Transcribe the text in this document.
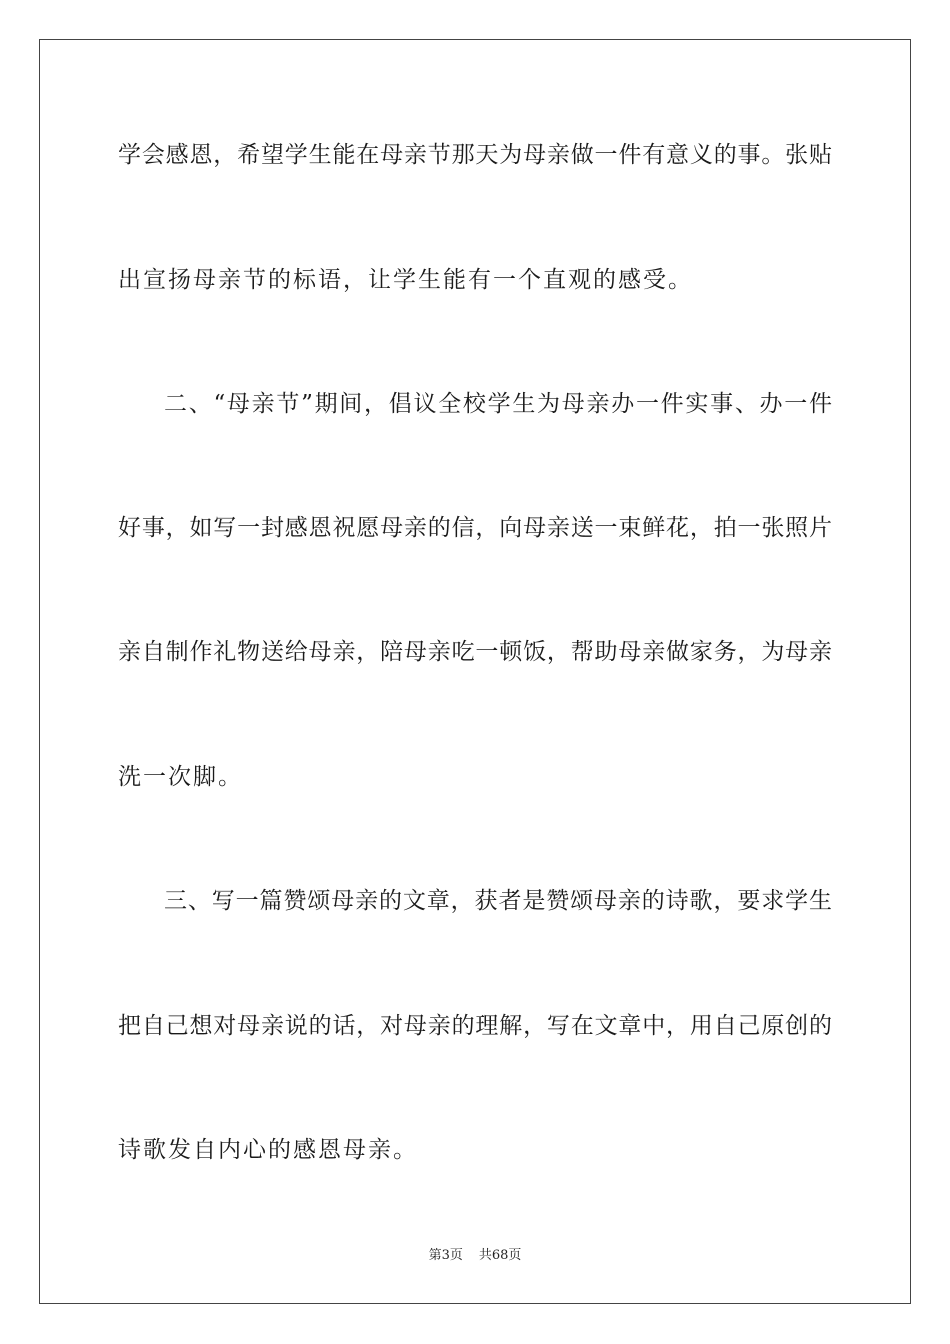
学会感恩，希望学生能在母亲节那天为母亲做一件有意义的事。张贴
出宣扬母亲节的标语，让学生能有一个直观的感受。
二、“母亲节”期间，倡议全校学生为母亲办一件实事、办一件
好事，如写一封感恩祝愿母亲的信，向母亲送一束鲜花，拍一张照片
亲自制作礼物送给母亲，陪母亲吃一顿饭，帮助母亲做家务，为母亲
洗一次脚。
三、写一篇赞颂母亲的文章，获者是赞颂母亲的诗歌，要求学生
把自己想对母亲说的话，对母亲的理解，写在文章中，用自己原创的
诗歌发自内心的感恩母亲。
第3页 共68页
